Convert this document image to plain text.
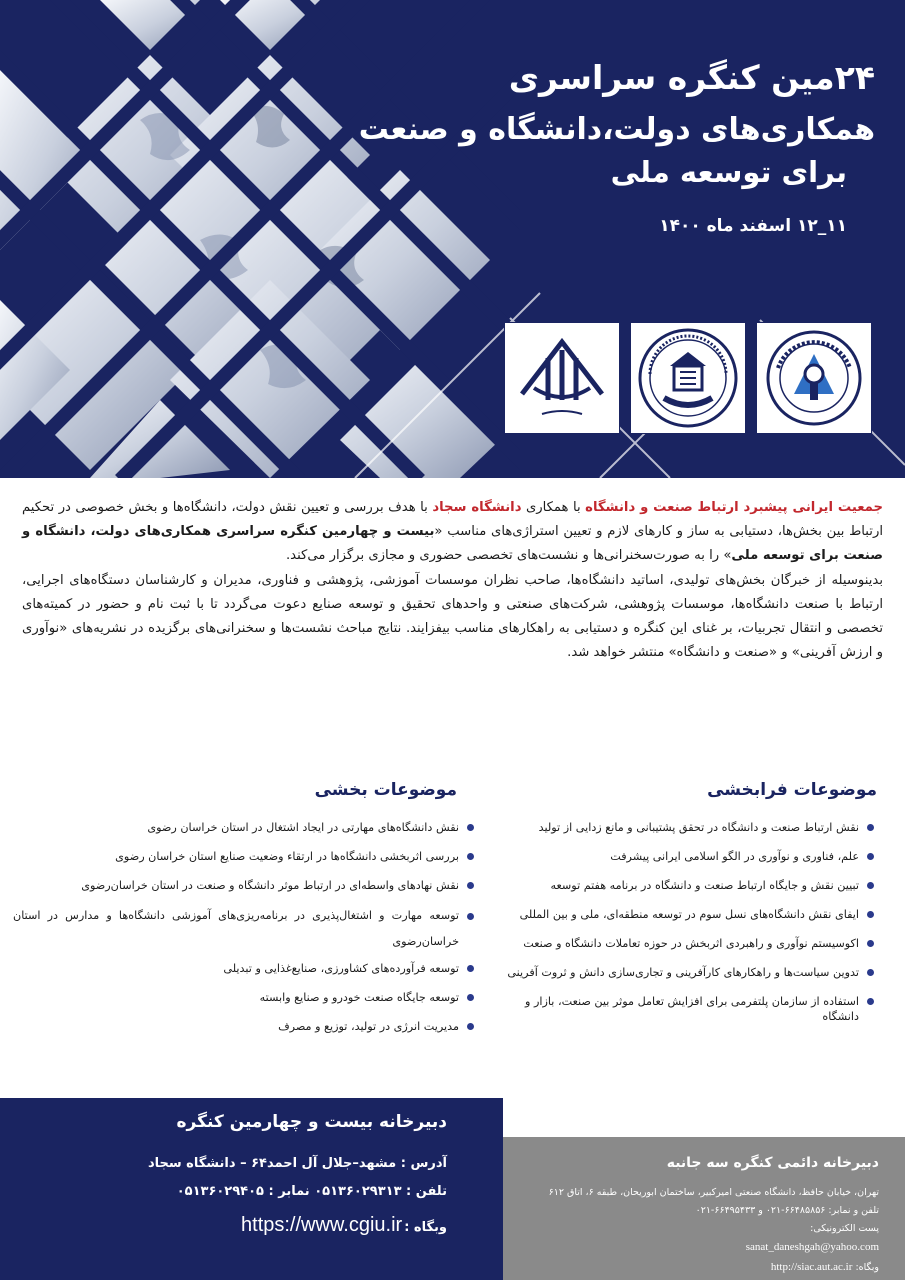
۲۴مین کنگره سراسری
همکاری‌های دولت،دانشگاه و صنعت
برای توسعه ملی
۱۱_۱۲ اسفند ماه ۱۴۰۰

جمعیت ایرانی پیشبرد ارتباط صنعت و دانشگاه با همکاری دانشگاه سجاد با هدف بررسی و تعیین نقش دولت، دانشگاه‌ها و بخش خصوصی در تحکیم ارتباط بین بخش‌ها، دستیابی به ساز و کارهای لازم و تعیین استراژی‌های مناسب «بیست و چهارمین کنگره سراسری همکاری‌های دولت، دانشگاه و صنعت برای توسعه ملی» را به صورت‌سخنرانی‌ها و نشست‌های تخصصی حضوری و مجازی برگزار می‌کند.

بدینوسیله از خبرگان بخش‌های تولیدی، اساتید دانشگاه‌ها، صاحب نظران موسسات آموزشی، پژوهشی و فناوری، مدیران و کارشناسان دستگاه‌های اجرایی، ارتباط با صنعت دانشگاه‌ها، موسسات پژوهشی، شرکت‌های صنعتی و واحدهای تحقیق و توسعه صنایع دعوت می‌گردد تا با ثبت نام و حضور در کمیته‌های تخصصی و انتقال تجربیات، بر غنای این کنگره و دستیابی به راهکارهای مناسب بیفزایند. نتایج مباحث نشست‌ها و سخنرانی‌های برگزیده در نشریه‌های «نوآوری و ارزش آفرینی» و «صنعت و دانشگاه» منتشر خواهد شد.

موضوعات فرابخشی
موضوعات بخشی
نقش ارتباط صنعت و دانشگاه در تحقق پشتیبانی و مانع زدایی از تولید
علم، فناوری و نوآوری در الگو اسلامی ایرانی پیشرفت
تبیین نقش و جایگاه ارتباط صنعت و دانشگاه در برنامه هفتم توسعه
ایفای نقش دانشگاه‌های نسل سوم در توسعه منطقه‌ای، ملی و بین المللی
اکوسیستم نوآوری و راهبردی اثربخش در حوزه تعاملات دانشگاه و صنعت
تدوین سیاست‌ها و راهکارهای کارآفرینی و تجاری‌سازی دانش و ثروت آفرینی
استفاده از سازمان پلتفرمی برای افزایش تعامل موثر بین صنعت، بازار و دانشگاه
نقش دانشگاه‌های مهارتی در ایجاد اشتغال در استان خراسان رضوی
بررسی اثربخشی دانشگاه‌ها در ارتقاء وضعیت صنایع استان خراسان رضوی
نقش نهادهای واسطه‌ای در ارتباط موثر دانشگاه و صنعت در استان خراسان‌رضوی
توسعه مهارت و اشتغال‌پذیری در برنامه‌ریزی‌های آموزشی دانشگاه‌ها و مدارس در استان خراسان‌رضوی
توسعه فرآورده‌های کشاورزی، صنایع‌غذایی و تبدیلی
توسعه جایگاه صنعت خودرو و صنایع وابسته
مدیریت انرژی در تولید، توزیع و مصرف
دبیرخانه دائمی کنگره سه جانبه
تهران، خیابان حافظ، دانشگاه صنعتی امیرکبیر، ساختمان ابوریحان، طبقه ۶، اتاق ۶۱۲
تلفن و نمابر: ۶۶۴۸۵۸۵۶-۰۲۱ و ۶۶۴۹۵۴۳۳-۰۲۱
پست الکترونیکی:
sanat_daneshgah@yahoo.com
وبگاه: http://siac.aut.ac.ir
دبیرخانه بیست و چهارمین کنگره
آدرس : مشهد–جلال آل احمد۶۴ – دانشگاه سجاد
تلفن : ۰۵۱۳۶۰۲۹۳۱۳ نمابر : ۰۵۱۳۶۰۲۹۴۰۵
وبگاه :https://www.cgiu.ir
